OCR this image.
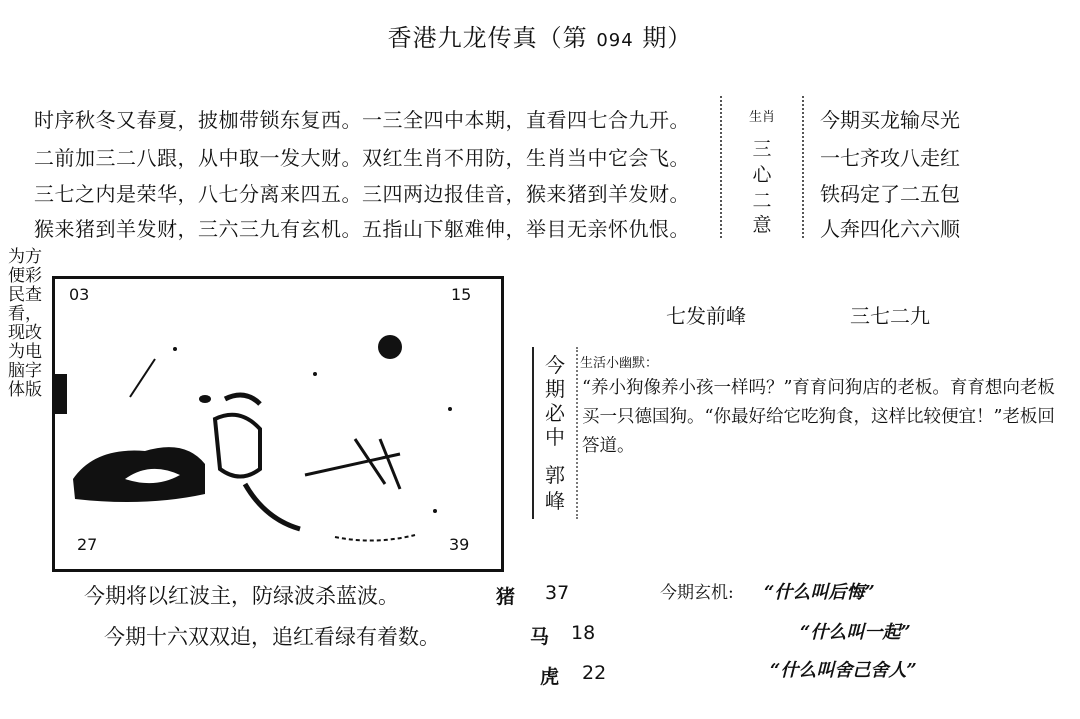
香港九龙传真（第 094 期）
时序秋冬又春夏，披枷带锁东复西。一三全四中本期，直看四七合九开。
二前加三二八跟，从中取一发大财。双红生肖不用防，生肖当中它会飞。
三七之内是荣华，八七分离来四五。三四两边报佳音，猴来猪到羊发财。
猴来猪到羊发财，三六三九有玄机。五指山下躯难伸，举目无亲怀仇恨。
生肖
三
心
二
意
今期买龙输尽光
一七齐攻八走红
铁码定了二五包
人奔四化六六顺
为方便彩民查看，现改为电脑字体版
03	15
27	39
七发前峰	三七二九
今
期
必
中
郭
峰
生活小幽默：
“养小狗像养小孩一样吗？”育育问狗店的老板。育育想向老板买一只德国狗。“你最好给它吃狗食，这样比较便宜！”老板回答道。
今期将以红波主，防绿波杀蓝波。
今期十六双双迫，追红看绿有着数。
猪 37
马 18
虎 22
今期玄机: “什么叫后悔”
“什么叫一起”
“什么叫舍己舍人”
